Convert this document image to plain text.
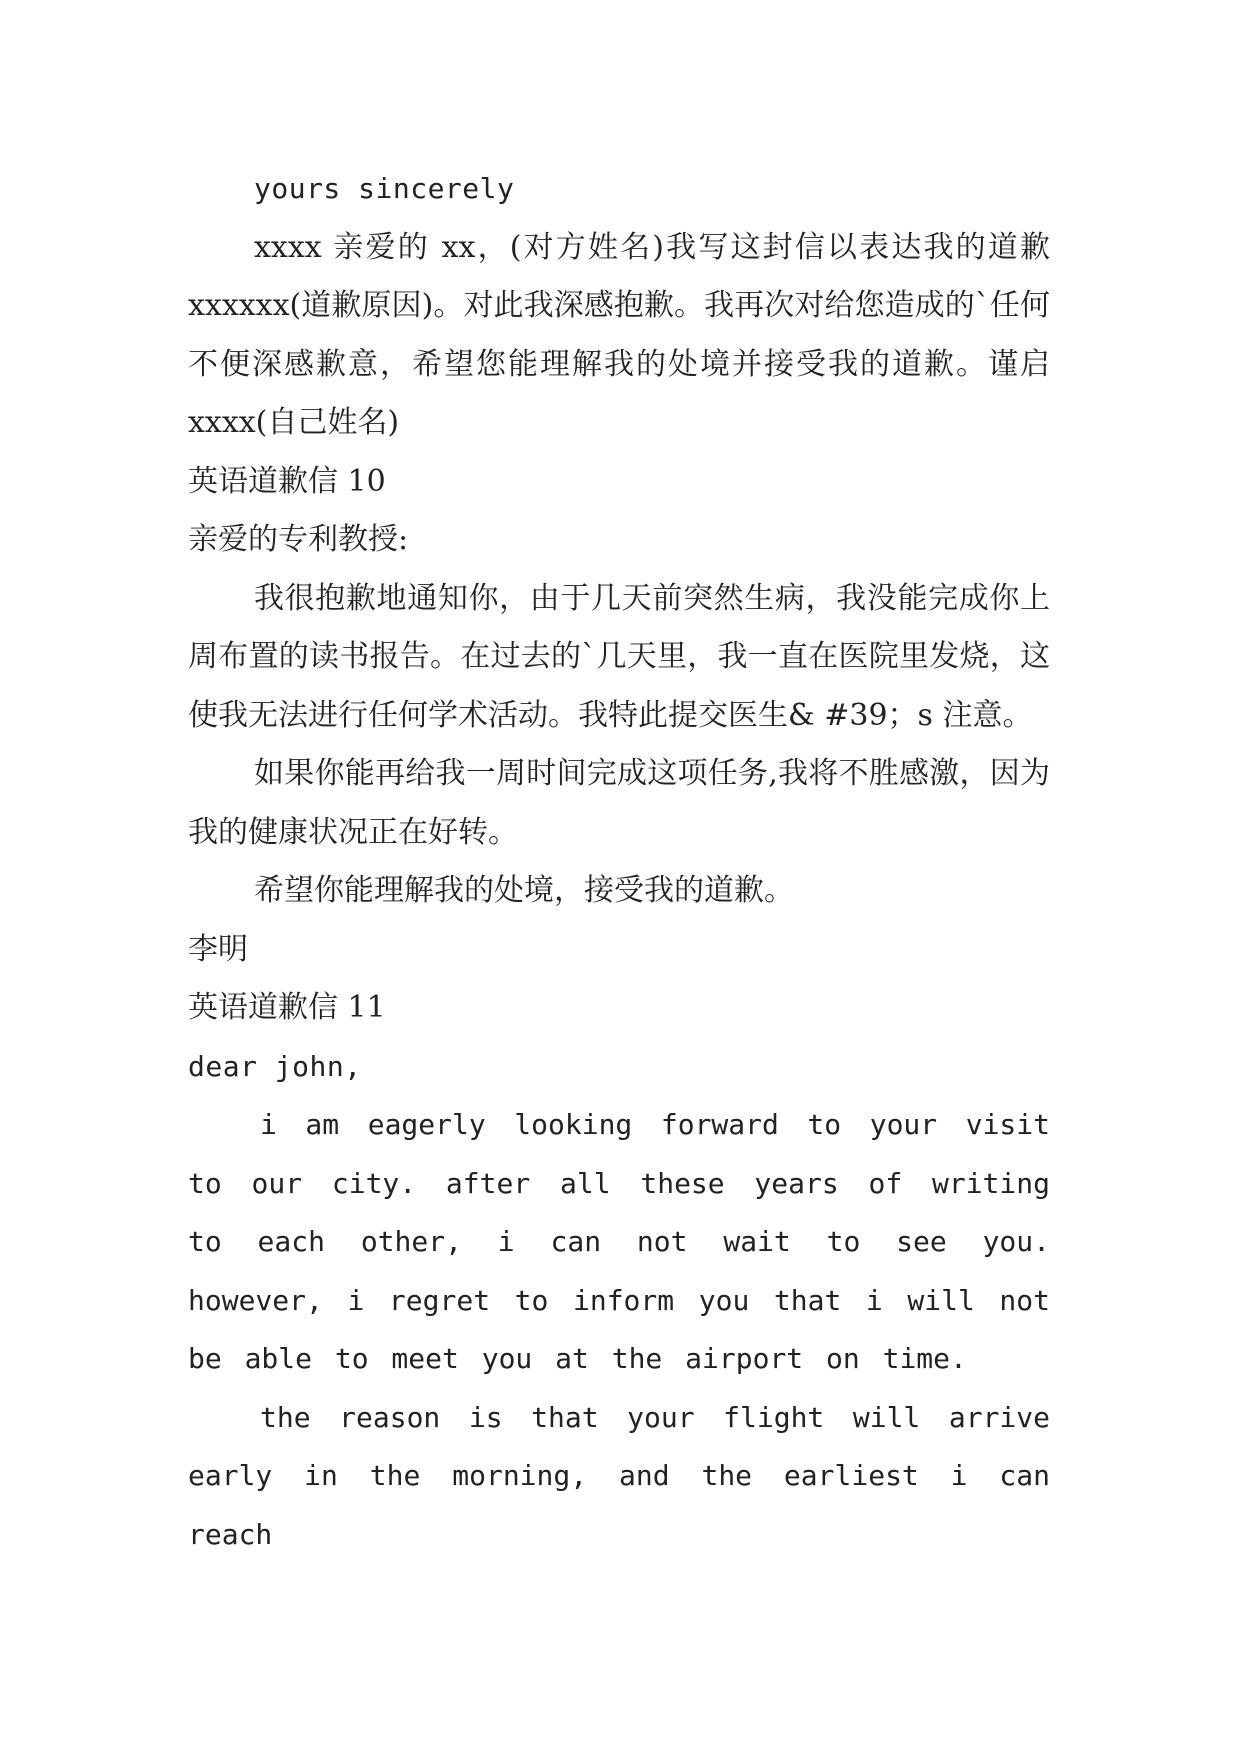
yours sincerely

xxxx 亲爱的 xx，(对方姓名)我写这封信以表达我的道歉 xxxxxx(道歉原因)。对此我深感抱歉。我再次对给您造成的`任何不便深感歉意，希望您能理解我的处境并接受我的道歉。谨启 xxxx(自己姓名)

英语道歉信 10

亲爱的专利教授:

我很抱歉地通知你，由于几天前突然生病，我没能完成你上周布置的读书报告。在过去的`几天里，我一直在医院里发烧，这使我无法进行任何学术活动。我特此提交医生& #39；s 注意。

如果你能再给我一周时间完成这项任务,我将不胜感激，因为我的健康状况正在好转。

希望你能理解我的处境，接受我的道歉。

李明

英语道歉信 11

dear john,

i am eagerly looking forward to your visit to our city. after all these years of writing to each other, i can not wait to see you. however, i regret to inform you that i will not be able to meet you at the airport on time.

the reason is that your flight will arrive early in the morning, and the earliest i can reach
